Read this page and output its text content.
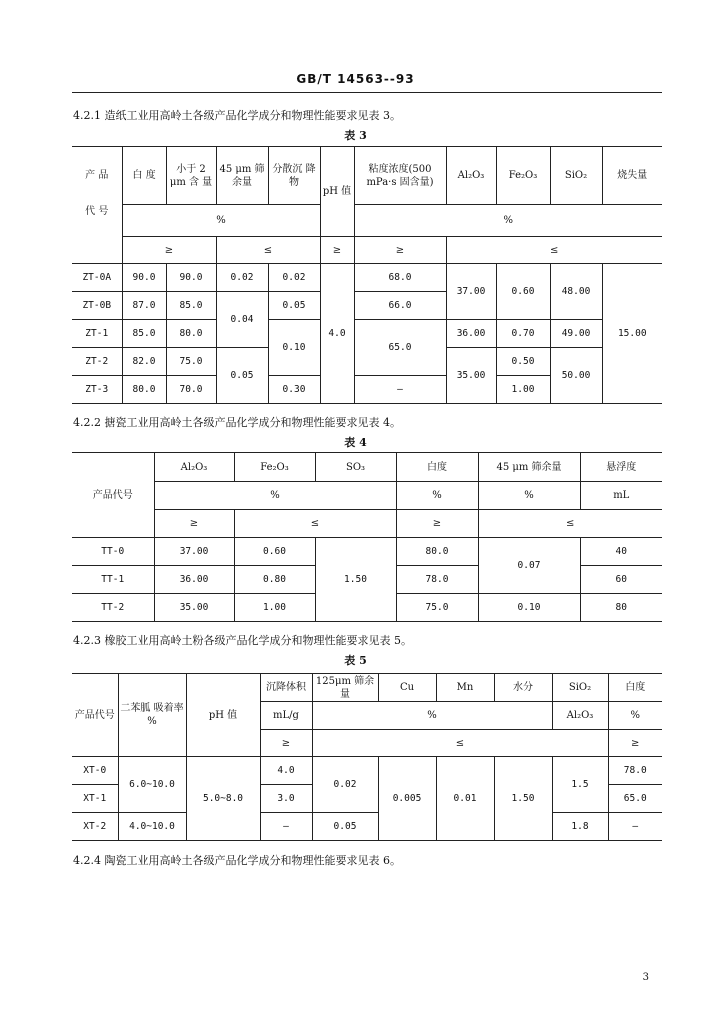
GB/T 14563--93
4.2.1 造纸工业用高岭土各级产品化学成分和物理性能要求见表 3。
表 3
产 品	白 度	小于 2 μm 含 量	45 μm 筛余量	分散沉 降物	pH 值	粘度浓度(500 mPa·s 固含量)	Al₂O₃	Fe₂O₃	SiO₂	烧失量
代 号	%					%				
	≥		≤		≥	≥	≤			
ZT-0A	90.0	90.0	0.02	0.02	4.0	68.0	37.00	0.60	48.00	15.00
ZT-0B	87.0	85.0	0.04	0.05		66.0				
ZT-1	85.0	80.0		0.10		65.0	36.00	0.70	49.00	
ZT-2	82.0	75.0	0.05				35.00	0.50	50.00	
ZT-3	80.0	70.0		0.30		—		1.00		
4.2.2 搪瓷工业用高岭土各级产品化学成分和物理性能要求见表 4。
表 4
产品代号	Al₂O₃	Fe₂O₃	SO₃	白度	45 μm 筛余量	悬浮度
	%			%	%	mL
	≥	≤		≥	≤	
TT-0	37.00	0.60	1.50	80.0	0.07	40
TT-1	36.00	0.80		78.0		60
TT-2	35.00	1.00		75.0	0.10	80
4.2.3 橡胶工业用高岭土粉各级产品化学成分和物理性能要求见表 5。
表 5
产品代号	二苯胍 吸着率 %	pH 值	沉降体积	125μm 筛余量	Cu	Mn	水分	SiO₂	白度
			mL/g	%				Al₂O₃	%
			≥	≤					≥
XT-0	6.0~10.0	5.0~8.0	4.0	0.02	0.005	0.01	1.50	1.5	78.0
XT-1			3.0						65.0
XT-2	4.0~10.0		—	0.05				1.8	—
4.2.4 陶瓷工业用高岭土各级产品化学成分和物理性能要求见表 6。
3
